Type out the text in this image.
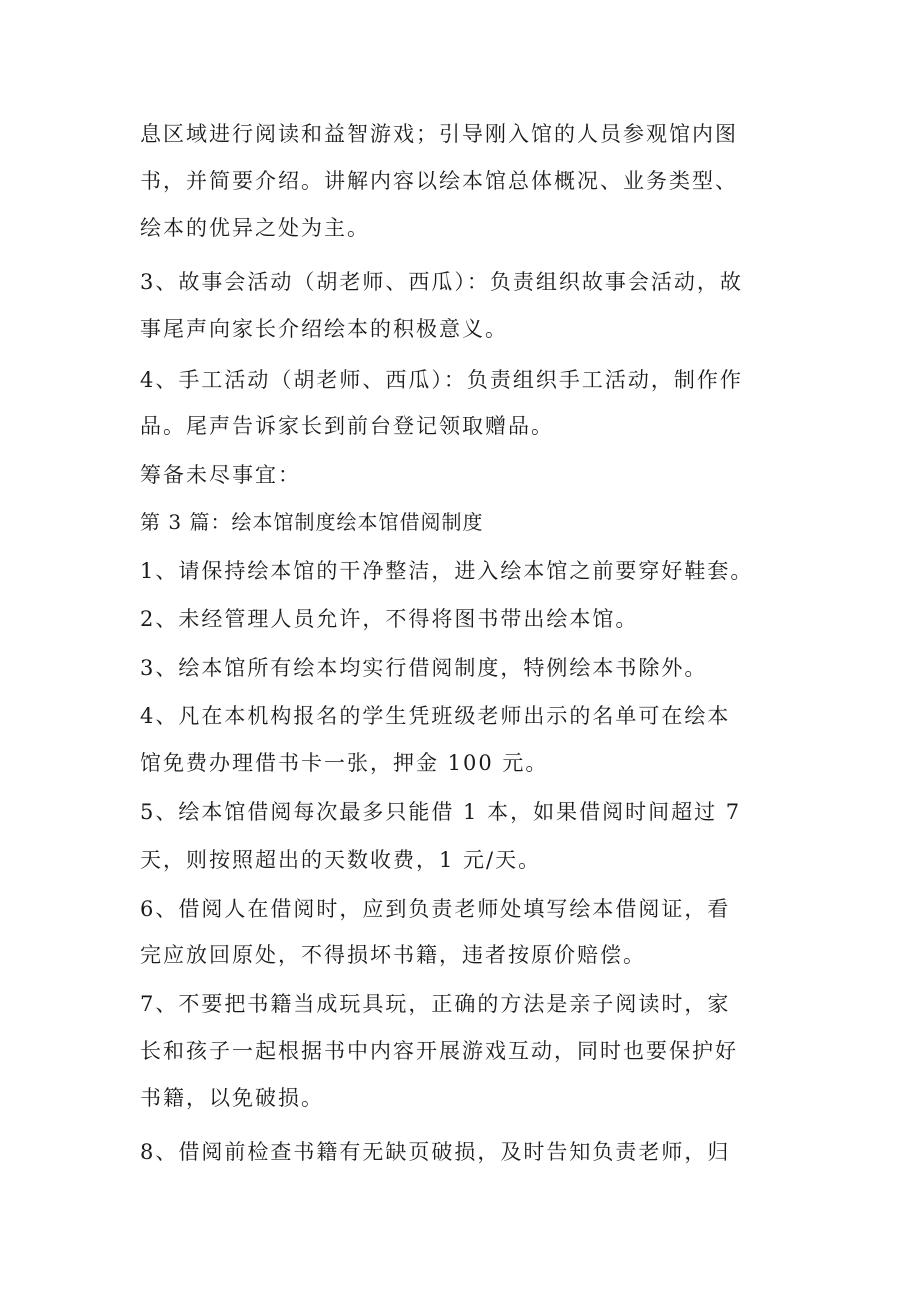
息区域进行阅读和益智游戏；引导刚入馆的人员参观馆内图
书，并简要介绍。讲解内容以绘本馆总体概况、业务类型、
绘本的优异之处为主。
3、故事会活动（胡老师、西瓜）：负责组织故事会活动，故
事尾声向家长介绍绘本的积极意义。
4、手工活动（胡老师、西瓜）：负责组织手工活动，制作作
品。尾声告诉家长到前台登记领取赠品。
筹备未尽事宜：
第 3 篇：绘本馆制度绘本馆借阅制度
1、请保持绘本馆的干净整洁，进入绘本馆之前要穿好鞋套。
2、未经管理人员允许，不得将图书带出绘本馆。
3、绘本馆所有绘本均实行借阅制度，特例绘本书除外。
4、凡在本机构报名的学生凭班级老师出示的名单可在绘本
馆免费办理借书卡一张，押金 100 元。
5、绘本馆借阅每次最多只能借 1 本，如果借阅时间超过 7
天，则按照超出的天数收费，1 元/天。
6、借阅人在借阅时，应到负责老师处填写绘本借阅证，看
完应放回原处，不得损坏书籍，违者按原价赔偿。
7、不要把书籍当成玩具玩，正确的方法是亲子阅读时，家
长和孩子一起根据书中内容开展游戏互动，同时也要保护好
书籍，以免破损。
8、借阅前检查书籍有无缺页破损，及时告知负责老师，归
